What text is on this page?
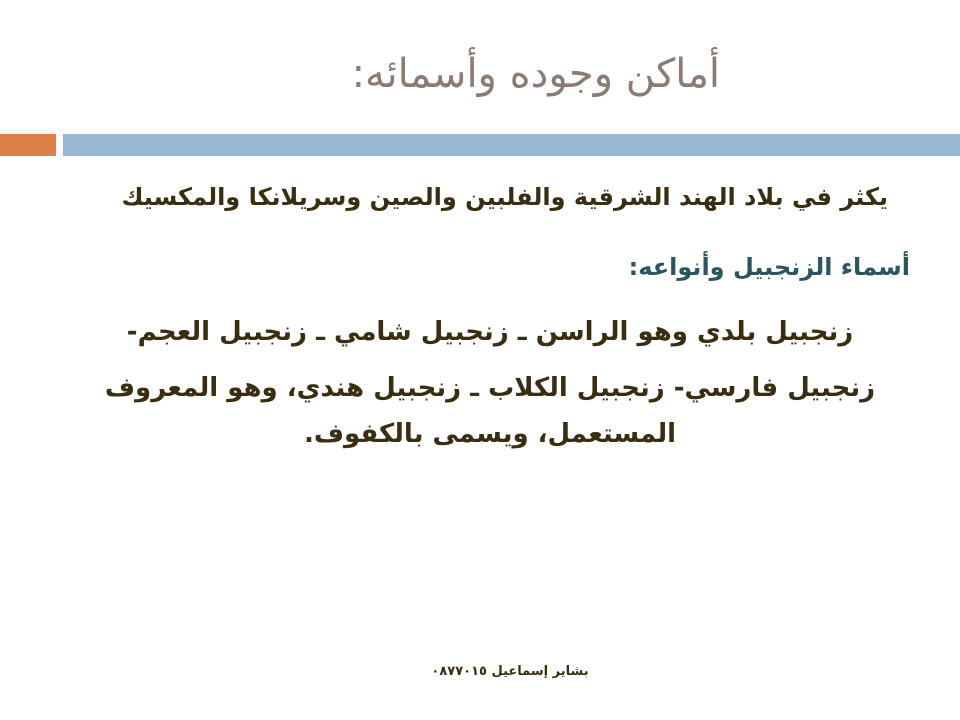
أماكن وجوده وأسمائه:
يكثر في بلاد الهند الشرقية والفلبين والصين وسريلانكا والمكسيك
أسماء الزنجبيل وأنواعه:
زنجبيل بلدي وهو الراسن ـ زنجبيل شامي ـ زنجبيل العجم-
زنجبيل فارسي- زنجبيل الكلاب ـ زنجبيل هندي، وهو المعروف
المستعمل، ويسمى بالكفوف.
بشاير إسماعيل ٠٨٧٧٠١٥
